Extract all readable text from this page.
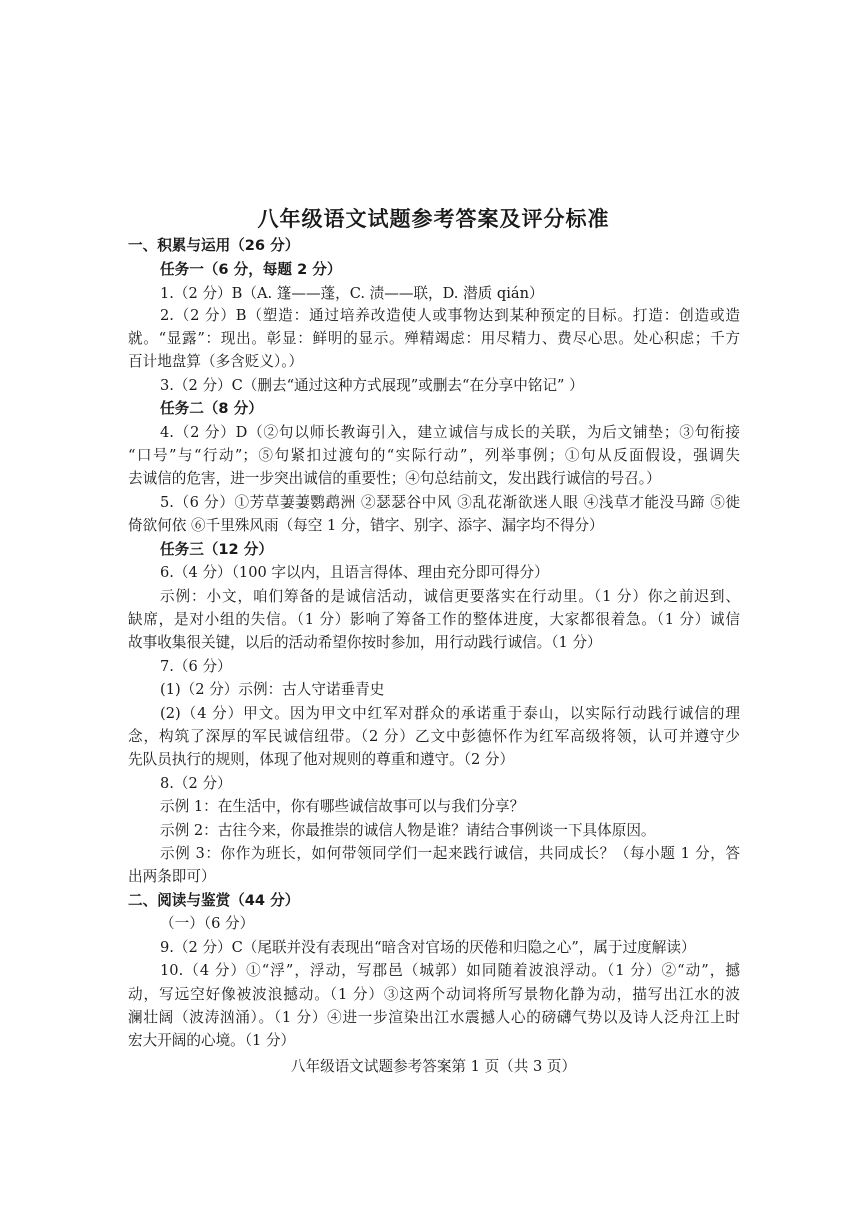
八年级语文试题参考答案及评分标准
一、积累与运用（26 分）
任务一（6 分，每题 2 分）
1.（2 分）B（A. 篷——蓬，C. 渍——联，D. 潜质 qián）
2.（2 分）B（塑造：通过培养改造使人或事物达到某种预定的目标。打造：创造或造
就。“显露”：现出。彰显：鲜明的显示。殚精竭虑：用尽精力、费尽心思。处心积虑；千方
百计地盘算（多含贬义）。）
3.（2 分）C（删去“通过这种方式展现”或删去“在分享中铭记” ）
任务二（8 分）
4.（2 分）D（②句以师长教诲引入，建立诚信与成长的关联，为后文铺垫；③句衔接
“口号”与“行动”；⑤句紧扣过渡句的“实际行动”，列举事例；①句从反面假设，强调失
去诚信的危害，进一步突出诚信的重要性；④句总结前文，发出践行诚信的号召。）
5.（6 分）①芳草萋萋鹦鹉洲 ②瑟瑟谷中风 ③乱花渐欲迷人眼 ④浅草才能没马蹄 ⑤徙
倚欲何依 ⑥千里殊风雨（每空 1 分，错字、别字、添字、漏字均不得分）
任务三（12 分）
6.（4 分）（100 字以内，且语言得体、理由充分即可得分）
示例：小文，咱们筹备的是诚信活动，诚信更要落实在行动里。（1 分）你之前迟到、
缺席，是对小组的失信。（1 分）影响了筹备工作的整体进度，大家都很着急。（1 分）诚信
故事收集很关键，以后的活动希望你按时参加，用行动践行诚信。（1 分）
7.（6 分）
(1)（2 分）示例：古人守诺垂青史
(2)（4 分）甲文。因为甲文中红军对群众的承诺重于泰山，以实际行动践行诚信的理
念，构筑了深厚的军民诚信纽带。（2 分）乙文中彭德怀作为红军高级将领，认可并遵守少
先队员执行的规则，体现了他对规则的尊重和遵守。（2 分）
8.（2 分）
示例 1：在生活中，你有哪些诚信故事可以与我们分享？
示例 2：古往今来，你最推崇的诚信人物是谁？请结合事例谈一下具体原因。
示例 3：你作为班长，如何带领同学们一起来践行诚信，共同成长？（每小题 1 分，答
出两条即可）
二、阅读与鉴赏（44 分）
（一）（6 分）
9.（2 分）C（尾联并没有表现出“暗含对官场的厌倦和归隐之心”，属于过度解读）
10.（4 分）①“浮”，浮动，写郡邑（城郭）如同随着波浪浮动。（1 分）②“动”，撼
动，写远空好像被波浪撼动。（1 分）③这两个动词将所写景物化静为动，描写出江水的波
澜壮阔（波涛汹涌）。（1 分）④进一步渲染出江水震撼人心的磅礴气势以及诗人泛舟江上时
宏大开阔的心境。（1 分）
八年级语文试题参考答案第 1 页（共 3 页）
